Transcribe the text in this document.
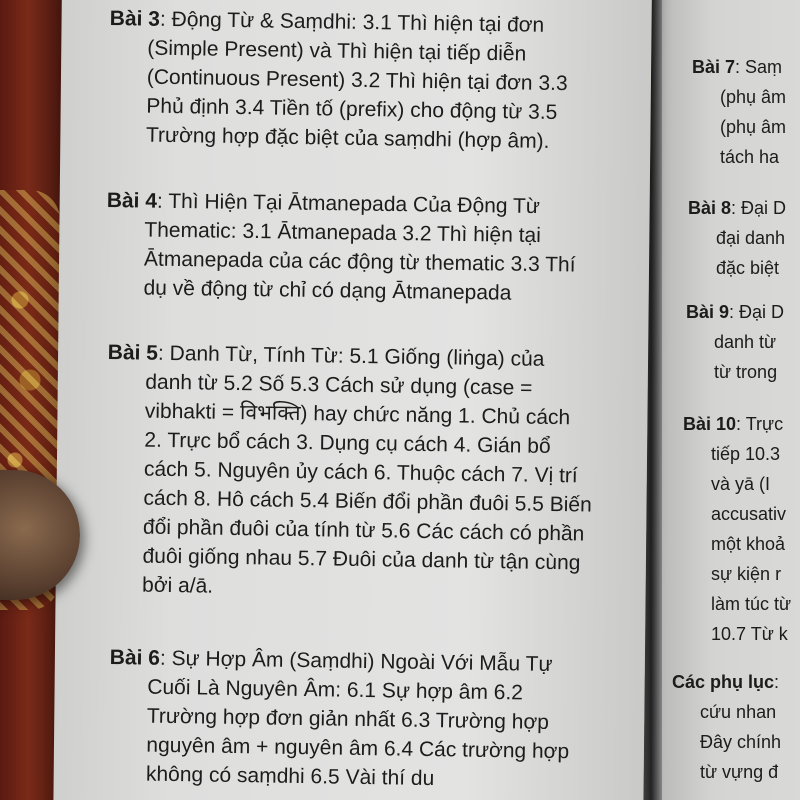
Bài 3: Động Từ & Saṃdhi: 3.1 Thì hiện tại đơn
(Simple Present) và Thì hiện tại tiếp diễn
(Continuous Present) 3.2 Thì hiện tại đơn 3.3
Phủ định 3.4 Tiền tố (prefix) cho động từ 3.5
Trường hợp đặc biệt của saṃdhi (hợp âm).
Bài 4: Thì Hiện Tại Ātmanepada Của Động Từ
Thematic: 3.1 Ātmanepada 3.2 Thì hiện tại
Ātmanepada của các động từ thematic 3.3 Thí
dụ về động từ chỉ có dạng Ātmanepada
Bài 5: Danh Từ, Tính Từ: 5.1 Giống (liṅga) của
danh từ 5.2 Số 5.3 Cách sử dụng (case =
vibhakti = विभक्ति) hay chức năng 1. Chủ cách
2. Trực bổ cách 3. Dụng cụ cách 4. Gián bổ
cách 5. Nguyên ủy cách 6. Thuộc cách 7. Vị trí
cách 8. Hô cách 5.4 Biến đổi phần đuôi 5.5 Biến
đổi phần đuôi của tính từ 5.6 Các cách có phần
đuôi giống nhau 5.7 Đuôi của danh từ tận cùng
bởi a/ā.
Bài 6: Sự Hợp Âm (Saṃdhi) Ngoài Với Mẫu Tự
Cuối Là Nguyên Âm: 6.1 Sự hợp âm 6.2
Trường hợp đơn giản nhất 6.3 Trường hợp
nguyên âm + nguyên âm 6.4 Các trường hợp
không có saṃdhi 6.5 Vài thí du
Bài 7: Saṃ
(phụ âm
(phụ âm
tách ha
Bài 8: Đại D
đại danh
đặc biệt
Bài 9: Đại D
danh từ
từ trong
Bài 10: Trực
tiếp 10.3
và yā (I
accusativ
một khoả
sự kiện r
làm túc từ
10.7 Từ k
Các phụ lục:
cứu nhan
Đây chính
từ vựng đ
